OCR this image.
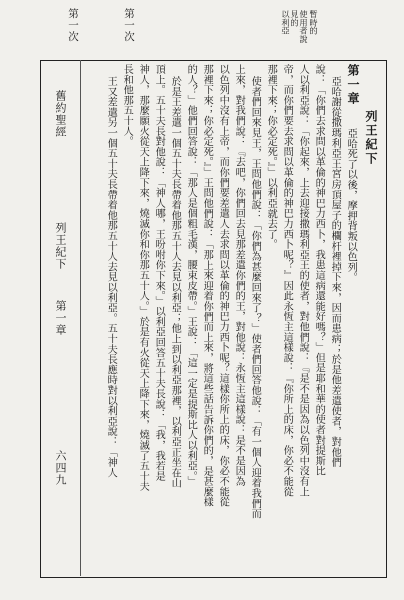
第一次	第一次	暫時的
使用者說
見的
以利亞
列王紀下
第一章
亞哈死了以後，摩押背叛以色列。
亞哈謝從撒瑪利亞王宮房頂屋子的欄杆裡掉下來，因而患病；於是他差遣使者，對他們
說：「你們去求問以革倫的神巴力西卜，我患這病還能好嗎？」但是耶和華的使者對提斯比
人以利亞說：「你起來，上去迎接撒瑪利亞王的使者，對他們說：『是不是因為以色列中沒有上
帝，而你們要去求問以革倫的神巴力西卜呢？』因此永恆主這樣說：『你所上的床，你必不能從
那裡下來；你必定死。』」以利亞就去了。
使者們回來見王，王問他們說：「你們為甚麼回來了？」使者們回答他說：「有一個人迎着我們而
上來，對我們說：『去吧，你們回去見那差遣你們的王，對他說：永恆主這樣說：是不是因為
以色列中沒有上帝，而你們要差遣人去求問以革倫的神巴力西卜呢？這樣你所上的床，你必不能從
那裡下來；你必定死。』」王問他們說：「那上來迎着你們而上來，將這些話告訴你們的，是甚麼樣
的人？」他們回答說：「那人是個粗毛漢，腰束皮帶。」王說：「這一定是提斯比人以利亞。」
於是王差遣一個五十夫長帶着他那五十人去見以利亞；他上到以利亞那裡，以利亞正坐在山
頂上。五十夫長對他說：「神人哪，王吩咐你下來。」以利亞回答五十夫長說：「我，我若是
神人，那麼願火從天上降下來，燒滅你和你那五十人。」於是有火從天上降下來，燒滅了五十夫
長和他那五十人。
王又差遣另一個五十夫長帶着他那五十人去見以利亞。五十夫長應時對以利亞說：「神人
舊約聖經
列王紀下
第一章
六四九
